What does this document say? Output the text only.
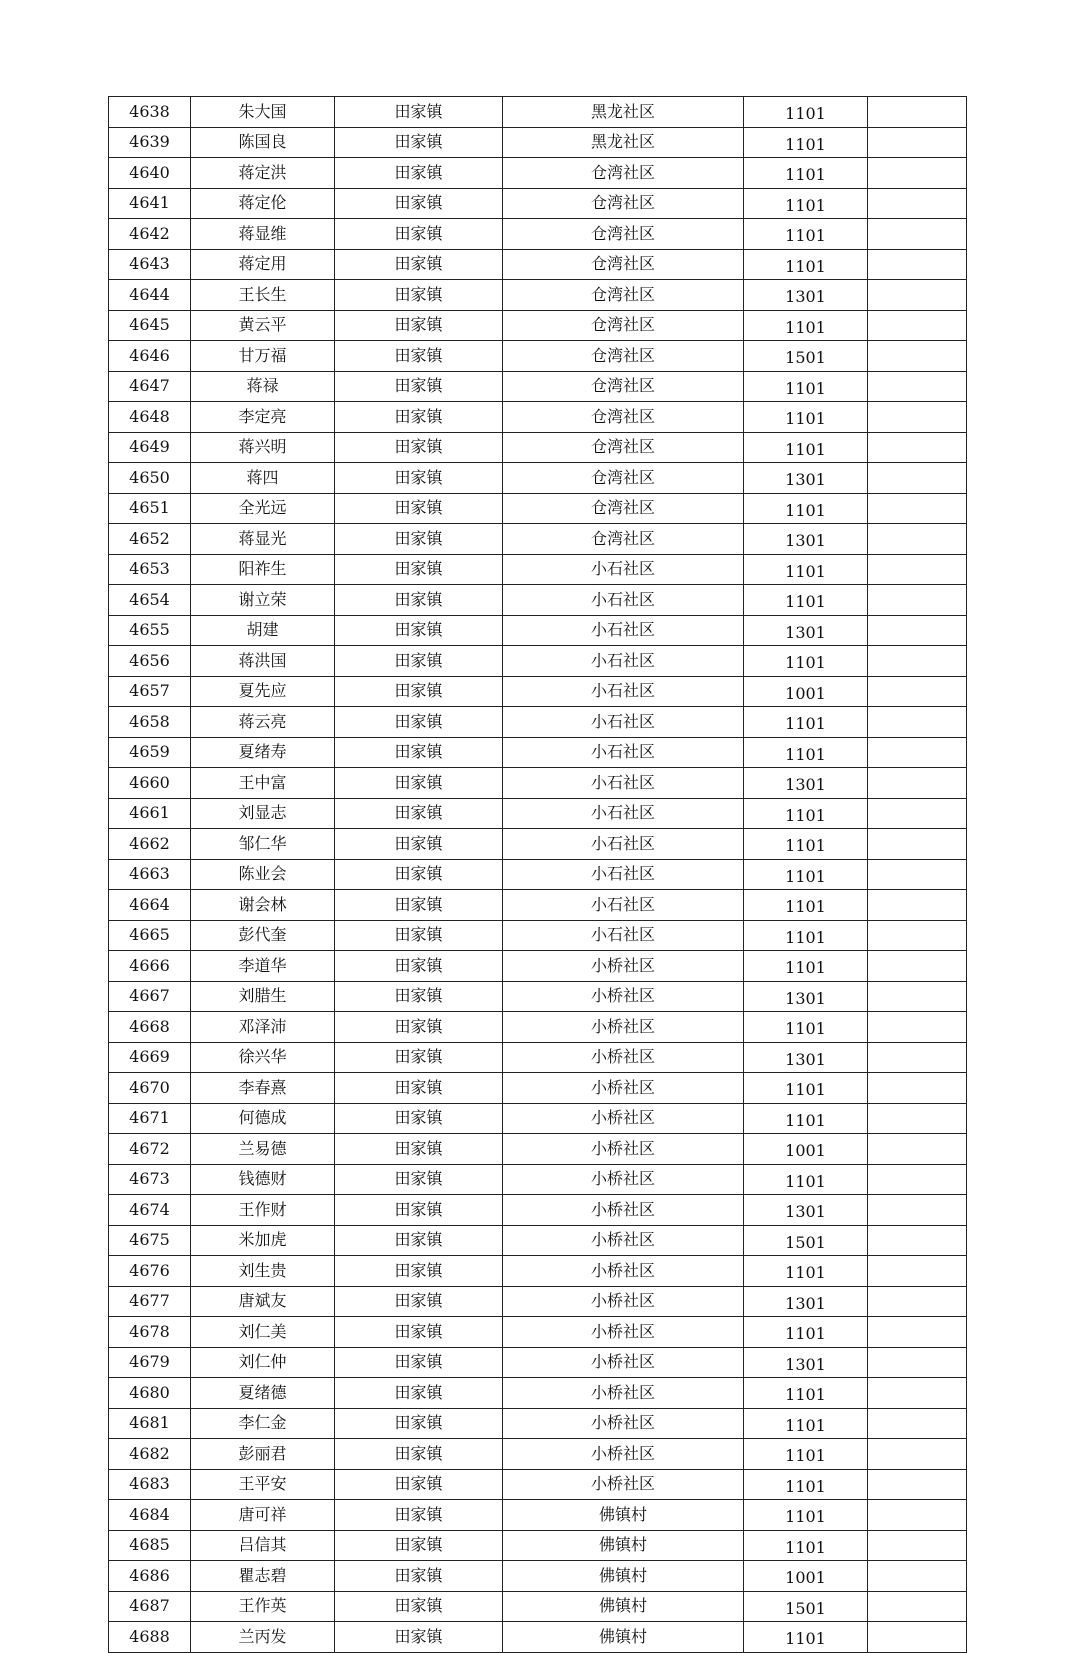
4638	朱大国	田家镇	黑龙社区	1101	
4639	陈国良	田家镇	黑龙社区	1101	
4640	蒋定洪	田家镇	仓湾社区	1101	
4641	蒋定伦	田家镇	仓湾社区	1101	
4642	蒋显维	田家镇	仓湾社区	1101	
4643	蒋定用	田家镇	仓湾社区	1101	
4644	王长生	田家镇	仓湾社区	1301	
4645	黄云平	田家镇	仓湾社区	1101	
4646	甘万福	田家镇	仓湾社区	1501	
4647	蒋禄	田家镇	仓湾社区	1101	
4648	李定亮	田家镇	仓湾社区	1101	
4649	蒋兴明	田家镇	仓湾社区	1101	
4650	蒋四	田家镇	仓湾社区	1301	
4651	全光远	田家镇	仓湾社区	1101	
4652	蒋显光	田家镇	仓湾社区	1301	
4653	阳祚生	田家镇	小石社区	1101	
4654	谢立荣	田家镇	小石社区	1101	
4655	胡建	田家镇	小石社区	1301	
4656	蒋洪国	田家镇	小石社区	1101	
4657	夏先应	田家镇	小石社区	1001	
4658	蒋云亮	田家镇	小石社区	1101	
4659	夏绪寿	田家镇	小石社区	1101	
4660	王中富	田家镇	小石社区	1301	
4661	刘显志	田家镇	小石社区	1101	
4662	邹仁华	田家镇	小石社区	1101	
4663	陈业会	田家镇	小石社区	1101	
4664	谢会林	田家镇	小石社区	1101	
4665	彭代奎	田家镇	小石社区	1101	
4666	李道华	田家镇	小桥社区	1101	
4667	刘腊生	田家镇	小桥社区	1301	
4668	邓泽沛	田家镇	小桥社区	1101	
4669	徐兴华	田家镇	小桥社区	1301	
4670	李春熹	田家镇	小桥社区	1101	
4671	何德成	田家镇	小桥社区	1101	
4672	兰易德	田家镇	小桥社区	1001	
4673	钱德财	田家镇	小桥社区	1101	
4674	王作财	田家镇	小桥社区	1301	
4675	米加虎	田家镇	小桥社区	1501	
4676	刘生贵	田家镇	小桥社区	1101	
4677	唐斌友	田家镇	小桥社区	1301	
4678	刘仁美	田家镇	小桥社区	1101	
4679	刘仁仲	田家镇	小桥社区	1301	
4680	夏绪德	田家镇	小桥社区	1101	
4681	李仁金	田家镇	小桥社区	1101	
4682	彭丽君	田家镇	小桥社区	1101	
4683	王平安	田家镇	小桥社区	1101	
4684	唐可祥	田家镇	佛镇村	1101	
4685	吕信其	田家镇	佛镇村	1101	
4686	瞿志碧	田家镇	佛镇村	1001	
4687	王作英	田家镇	佛镇村	1501	
4688	兰丙发	田家镇	佛镇村	1101	
